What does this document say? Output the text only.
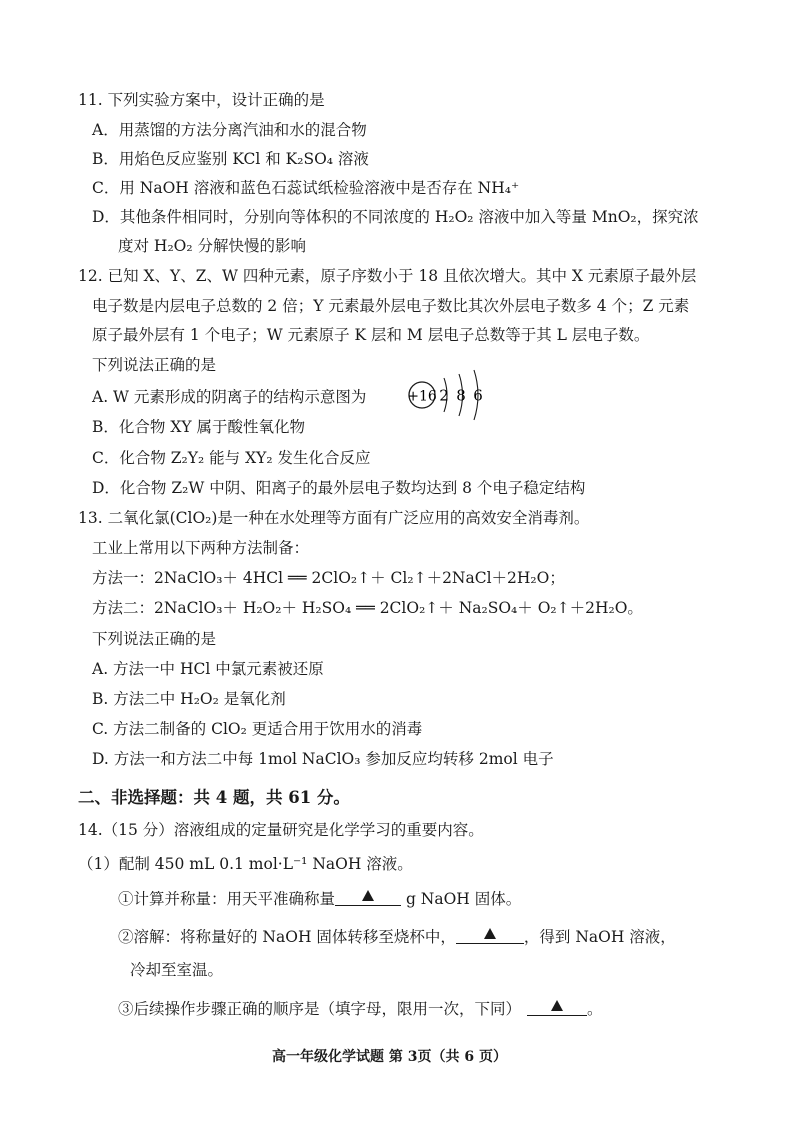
11. 下列实验方案中，设计正确的是
A．用蒸馏的方法分离汽油和水的混合物
B．用焰色反应鉴别 KCl 和 K₂SO₄ 溶液
C．用 NaOH 溶液和蓝色石蕊试纸检验溶液中是否存在 NH₄⁺
D．其他条件相同时，分别向等体积的不同浓度的 H₂O₂ 溶液中加入等量 MnO₂，探究浓
度对 H₂O₂ 分解快慢的影响
12. 已知 X、Y、Z、W 四种元素，原子序数小于 18 且依次增大。其中 X 元素原子最外层
电子数是内层电子总数的 2 倍；Y 元素最外层电子数比其次外层电子数多 4 个；Z 元素
原子最外层有 1 个电子；W 元素原子 K 层和 M 层电子总数等于其 L 层电子数。
下列说法正确的是
A. W 元素形成的阴离子的结构示意图为	+16 2 8 6
B．化合物 XY 属于酸性氧化物
C．化合物 Z₂Y₂ 能与 XY₂ 发生化合反应
D．化合物 Z₂W 中阴、阳离子的最外层电子数均达到 8 个电子稳定结构
13. 二氧化氯(ClO₂)是一种在水处理等方面有广泛应用的高效安全消毒剂。
工业上常用以下两种方法制备：
方法一：2NaClO₃＋ 4HCl ══ 2ClO₂↑＋ Cl₂↑＋2NaCl＋2H₂O；
方法二：2NaClO₃＋ H₂O₂＋ H₂SO₄ ══ 2ClO₂↑＋ Na₂SO₄＋ O₂↑＋2H₂O。
下列说法正确的是
A. 方法一中 HCl 中氯元素被还原
B. 方法二中 H₂O₂ 是氧化剂
C. 方法二制备的 ClO₂ 更适合用于饮用水的消毒
D. 方法一和方法二中每 1mol NaClO₃ 参加反应均转移 2mol 电子
二、非选择题：共 4 题，共 61 分。
14.（15 分）溶液组成的定量研究是化学学习的重要内容。
（1）配制 450 mL 0.1 mol·L⁻¹ NaOH 溶液。
①计算并称量：用天平准确称量	g NaOH 固体。
②溶解：将称量好的 NaOH 固体转移至烧杯中，	，得到 NaOH 溶液，
冷却至室温。
③后续操作步骤正确的顺序是（填字母，限用一次，下同）	。
高一年级化学试题 第 3页（共 6 页）
